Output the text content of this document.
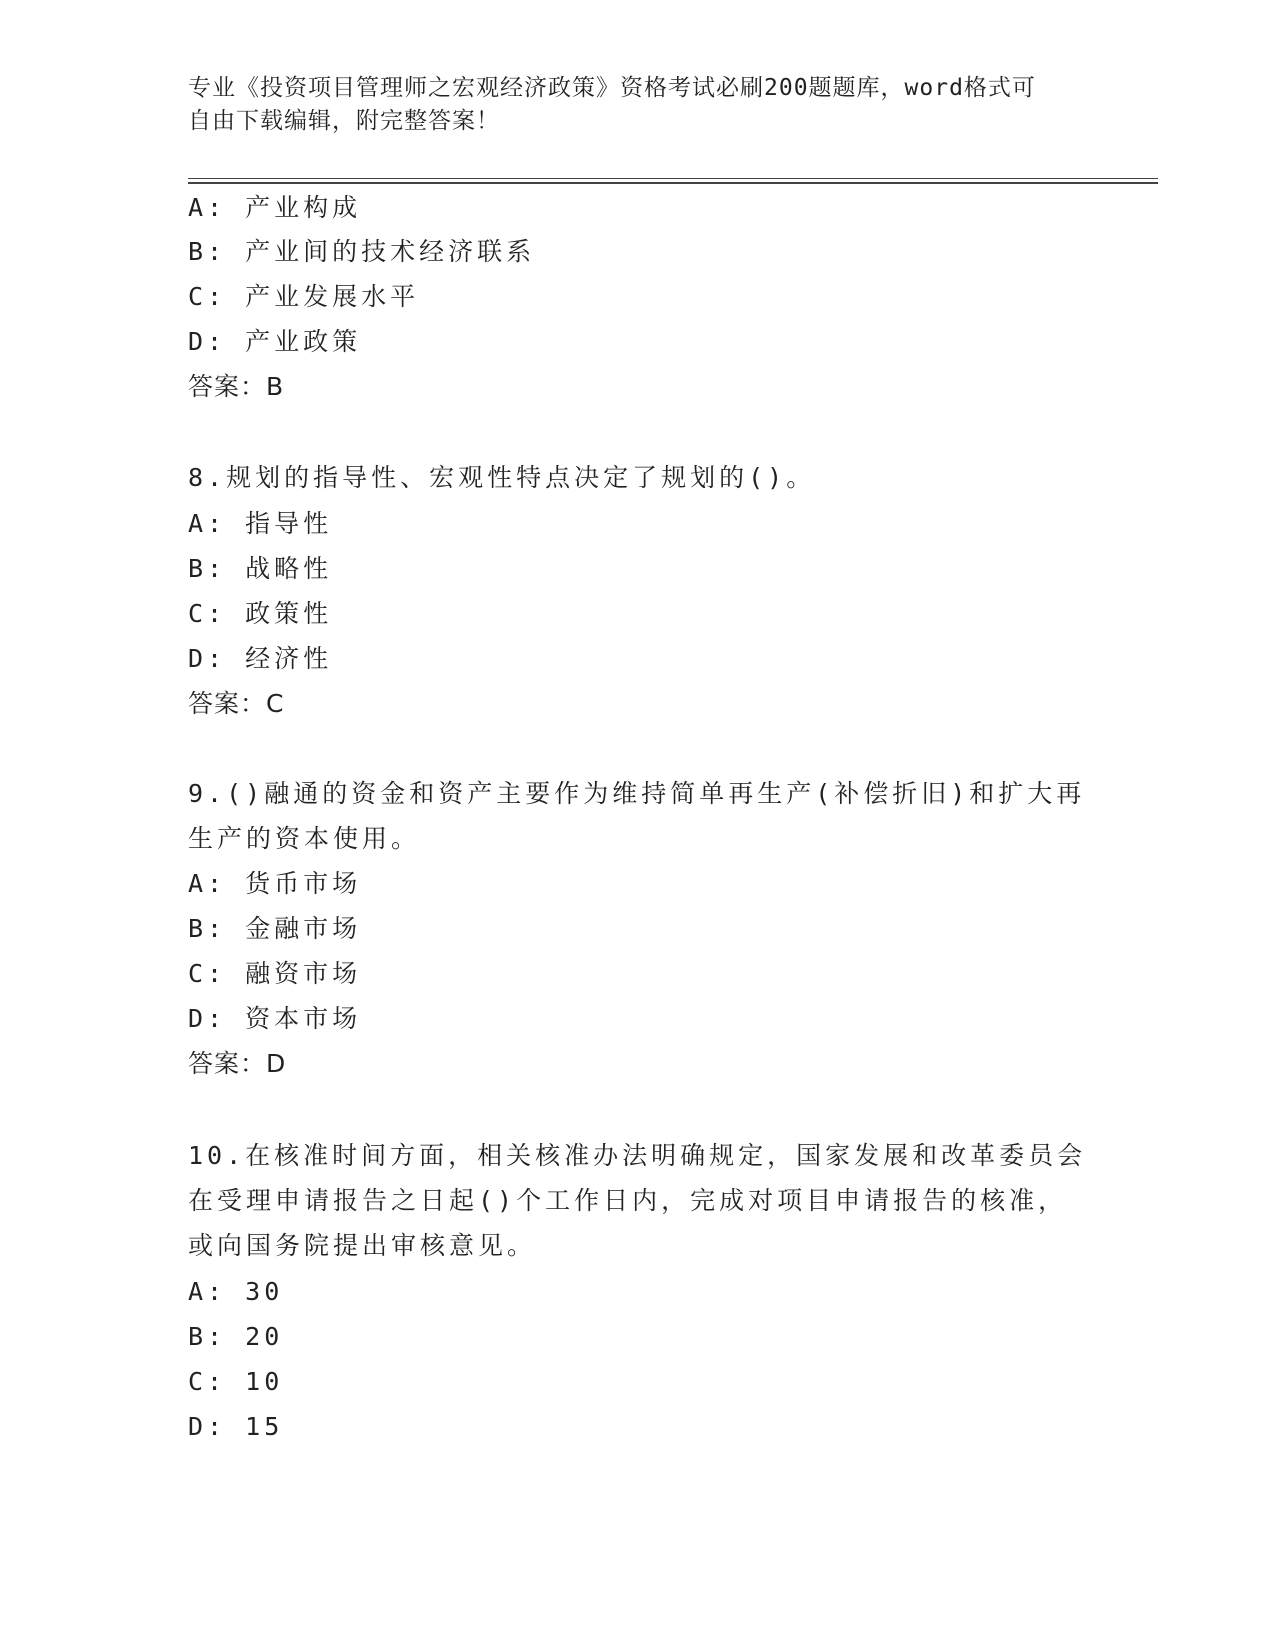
专业《投资项目管理师之宏观经济政策》资格考试必刷200题题库，word格式可
自由下载编辑，附完整答案！
A: 产业构成
B: 产业间的技术经济联系
C: 产业发展水平
D: 产业政策
答案：B
8.规划的指导性、宏观性特点决定了规划的()。
A: 指导性
B: 战略性
C: 政策性
D: 经济性
答案：C
9.()融通的资金和资产主要作为维持简单再生产(补偿折旧)和扩大再
生产的资本使用。
A: 货币市场
B: 金融市场
C: 融资市场
D: 资本市场
答案：D
10.在核准时间方面，相关核准办法明确规定，国家发展和改革委员会
在受理申请报告之日起()个工作日内，完成对项目申请报告的核准，
或向国务院提出审核意见。
A: 30
B: 20
C: 10
D: 15
